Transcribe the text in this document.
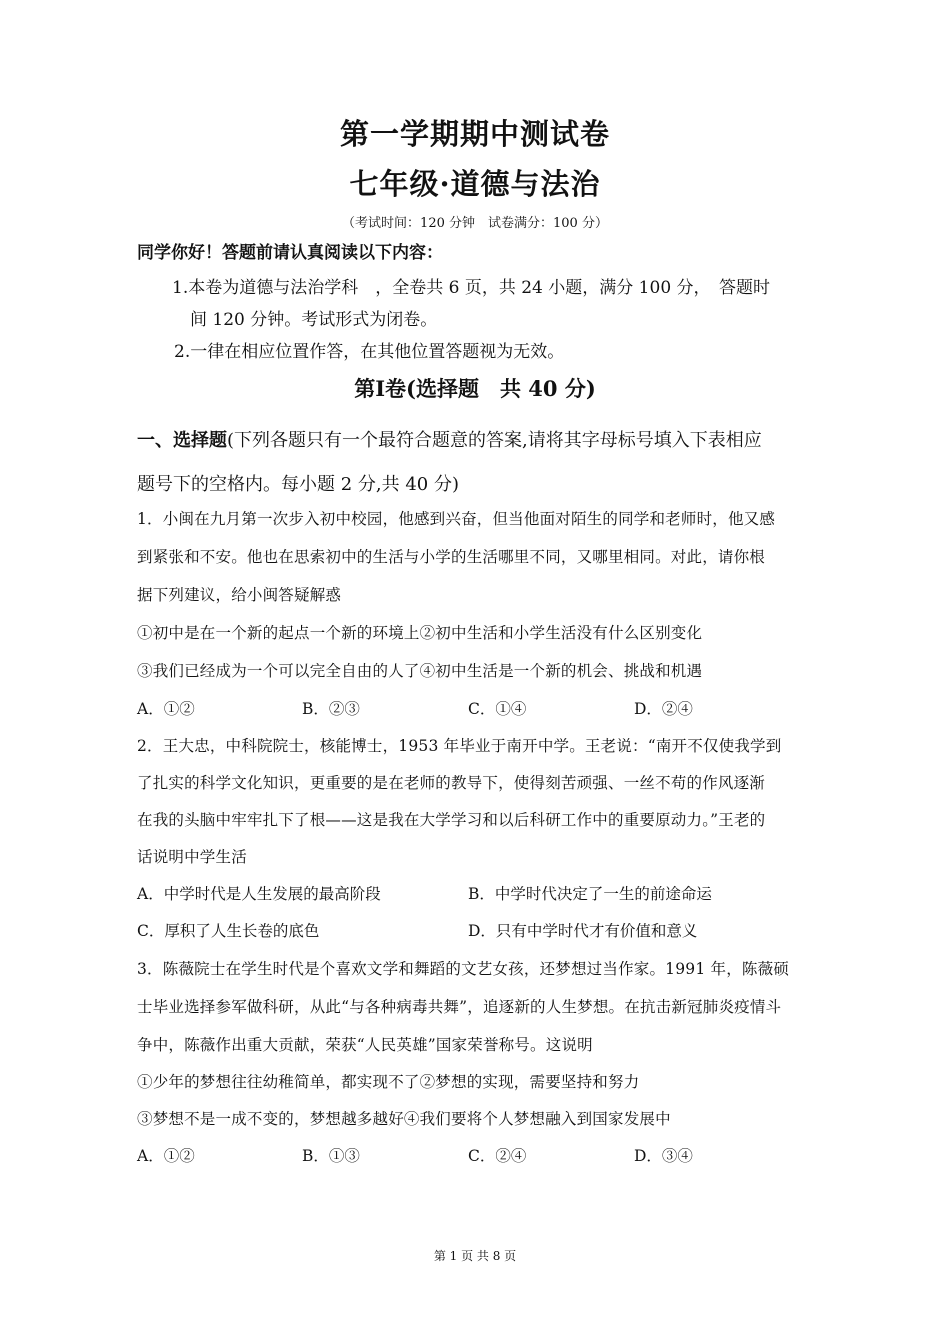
第一学期期中测试卷
七年级·道德与法治
（考试时间：120 分钟　试卷满分：100 分）
同学你好！答题前请认真阅读以下内容：
1.本卷为道德与法治学科　，全卷共 6 页，共 24 小题，满分 100 分，　答题时
间 120 分钟。考试形式为闭卷。
2.一律在相应位置作答，在其他位置答题视为无效。
第Ⅰ卷(选择题　共 40 分)
一、选择题(下列各题只有一个最符合题意的答案,请将其字母标号填入下表相应
题号下的空格内。每小题 2 分,共 40 分)
1．小闽在九月第一次步入初中校园，他感到兴奋，但当他面对陌生的同学和老师时，他又感
到紧张和不安。他也在思索初中的生活与小学的生活哪里不同，又哪里相同。对此，请你根
据下列建议，给小闽答疑解惑
①初中是在一个新的起点一个新的环境上②初中生活和小学生活没有什么区别变化
③我们已经成为一个可以完全自由的人了④初中生活是一个新的机会、挑战和机遇
A．①②	B．②③	C．①④	D．②④
2．王大忠，中科院院士，核能博士，1953 年毕业于南开中学。王老说：“南开不仅使我学到
了扎实的科学文化知识，更重要的是在老师的教导下，使得刻苦顽强、一丝不苟的作风逐渐
在我的头脑中牢牢扎下了根——这是我在大学学习和以后科研工作中的重要原动力。”王老的
话说明中学生活
A．中学时代是人生发展的最高阶段	B．中学时代决定了一生的前途命运
C．厚积了人生长卷的底色	D．只有中学时代才有价值和意义
3．陈薇院士在学生时代是个喜欢文学和舞蹈的文艺女孩，还梦想过当作家。1991 年，陈薇硕
士毕业选择参军做科研，从此“与各种病毒共舞”，追逐新的人生梦想。在抗击新冠肺炎疫情斗
争中，陈薇作出重大贡献，荣获“人民英雄”国家荣誉称号。这说明
①少年的梦想往往幼稚简单，都实现不了②梦想的实现，需要坚持和努力
③梦想不是一成不变的，梦想越多越好④我们要将个人梦想融入到国家发展中
A．①②	B．①③	C．②④	D．③④
第 1 页 共 8 页
